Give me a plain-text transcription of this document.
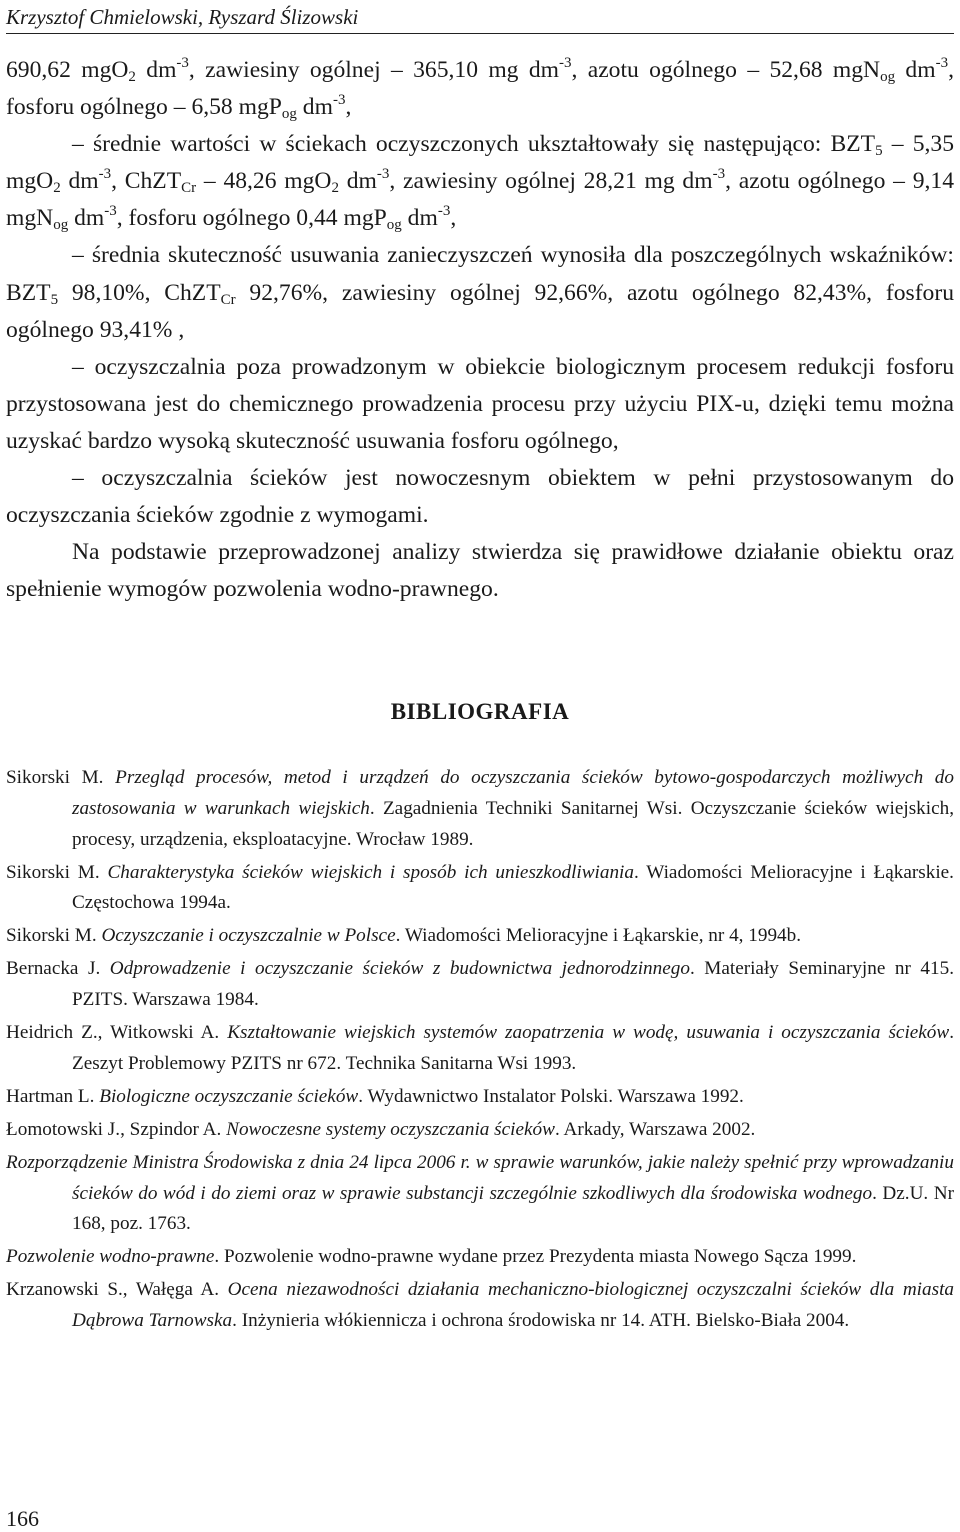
Krzysztof Chmielowski, Ryszard Ślizowski

690,62 mgO$_2$ $dm^{-3}$, zawiesiny ogólnej – 365,10 mg $dm^{-3}$, azotu ogólnego – 52,68 mgN$_{og}$ $dm^{-3}$, fosforu ogólnego – 6,58 mgP$_{og}$ $dm^{-3}$,

– średnie wartości w ściekach oczyszczonych ukształtowały się następująco: $BZT_5 - 5,35$ mgO$_2$ $dm^{-3}$, ChZT$_{Cr}$ – 48,26 mgO$_2$ $dm^{-3}$, zawiesiny ogólnej 28,21 mg $dm^{-3}$, azotu ogólnego – 9,14 mgN$_{og}$ $dm^{-3}$, fosforu ogólnego 0,44 mgP$_{og}$ $dm^{-3}$,

– średnia skuteczność usuwania zanieczyszczeń wynosiła dla poszczególnych wskaźników: $BZT_5$ 98,10%, ChZT$_{Cr}$ 92,76%, zawiesiny ogólnej 92,66%, azotu ogólnego 82,43%, fosforu ogólnego 93,41% ,

– oczyszczalnia poza prowadzonym w obiekcie biologicznym procesem redukcji fosforu przystosowana jest do chemicznego prowadzenia procesu przy użyciu PIX-u, dzięki temu można uzyskać bardzo wysoką skuteczność usuwania fosforu ogólnego,

– oczyszczalnia ścieków jest nowoczesnym obiektem w pełni przystosowanym do oczyszczania ścieków zgodnie z wymogami.

Na podstawie przeprowadzonej analizy stwierdza się prawidłowe działanie obiektu oraz spełnienie wymogów pozwolenia wodno-prawnego.

BIBLIOGRAFIA

Sikorski M. Przegląd procesów, metod i urządzeń do oczyszczania ścieków bytowo-gospodarczych możliwych do zastosowania w warunkach wiejskich. Zagadnienia Techniki Sanitarnej Wsi. Oczyszczanie ścieków wiejskich, procesy, urządzenia, eksploatacyjne. Wrocław 1989.

Sikorski M. Charakterystyka ścieków wiejskich i sposób ich unieszkodliwiania. Wiadomości Melioracyjne i Łąkarskie. Częstochowa 1994a.

Sikorski M. Oczyszczanie i oczyszczalnie w Polsce. Wiadomości Melioracyjne i Łąkarskie, nr 4, 1994b.

Bernacka J. Odprowadzenie i oczyszczanie ścieków z budownictwa jednorodzinnego. Materiały Seminaryjne nr 415. PZITS. Warszawa 1984.

Heidrich Z., Witkowski A. Kształtowanie wiejskich systemów zaopatrzenia w wodę, usuwania i oczyszczania ścieków. Zeszyt Problemowy PZITS nr 672. Technika Sanitarna Wsi 1993.

Hartman L. Biologiczne oczyszczanie ścieków. Wydawnictwo Instalator Polski. Warszawa 1992.

Łomotowski J., Szpindor A. Nowoczesne systemy oczyszczania ścieków. Arkady, Warszawa 2002.

Rozporządzenie Ministra Środowiska z dnia 24 lipca 2006 r. w sprawie warunków, jakie należy spełnić przy wprowadzaniu ścieków do wód i do ziemi oraz w sprawie substancji szczególnie szkodliwych dla środowiska wodnego. Dz.U. Nr 168, poz. 1763.

Pozwolenie wodno-prawne. Pozwolenie wodno-prawne wydane przez Prezydenta miasta Nowego Sącza 1999.

Krzanowski S., Wałęga A. Ocena niezawodności działania mechaniczno-biologicznej oczyszczalni ścieków dla miasta Dąbrowa Tarnowska. Inżynieria włókiennicza i ochrona środowiska nr 14. ATH. Bielsko-Biała 2004.

166
